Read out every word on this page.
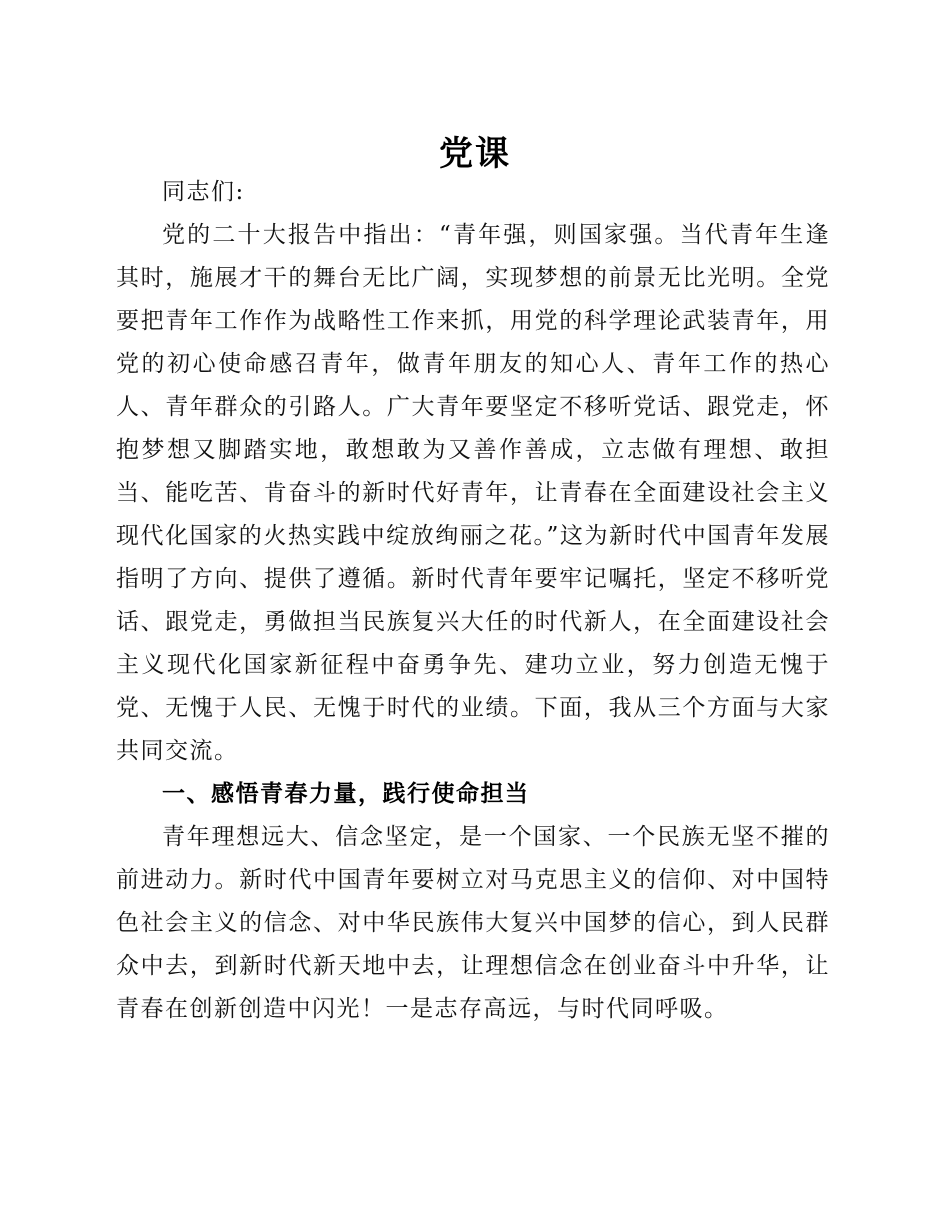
党课

同志们:

党的二十大报告中指出：“青年强，则国家强。当代青年生逢其时，施展才干的舞台无比广阔，实现梦想的前景无比光明。全党要把青年工作作为战略性工作来抓，用党的科学理论武装青年，用党的初心使命感召青年，做青年朋友的知心人、青年工作的热心人、青年群众的引路人。广大青年要坚定不移听党话、跟党走，怀抱梦想又脚踏实地，敢想敢为又善作善成，立志做有理想、敢担当、能吃苦、肯奋斗的新时代好青年，让青春在全面建设社会主义现代化国家的火热实践中绽放绚丽之花。”这为新时代中国青年发展指明了方向、提供了遵循。新时代青年要牢记嘱托，坚定不移听党话、跟党走，勇做担当民族复兴大任的时代新人，在全面建设社会主义现代化国家新征程中奋勇争先、建功立业，努力创造无愧于党、无愧于人民、无愧于时代的业绩。下面，我从三个方面与大家共同交流。

一、感悟青春力量，践行使命担当

青年理想远大、信念坚定，是一个国家、一个民族无坚不摧的前进动力。新时代中国青年要树立对马克思主义的信仰、对中国特色社会主义的信念、对中华民族伟大复兴中国梦的信心，到人民群众中去，到新时代新天地中去，让理想信念在创业奋斗中升华，让青春在创新创造中闪光！一是志存高远，与时代同呼吸。
